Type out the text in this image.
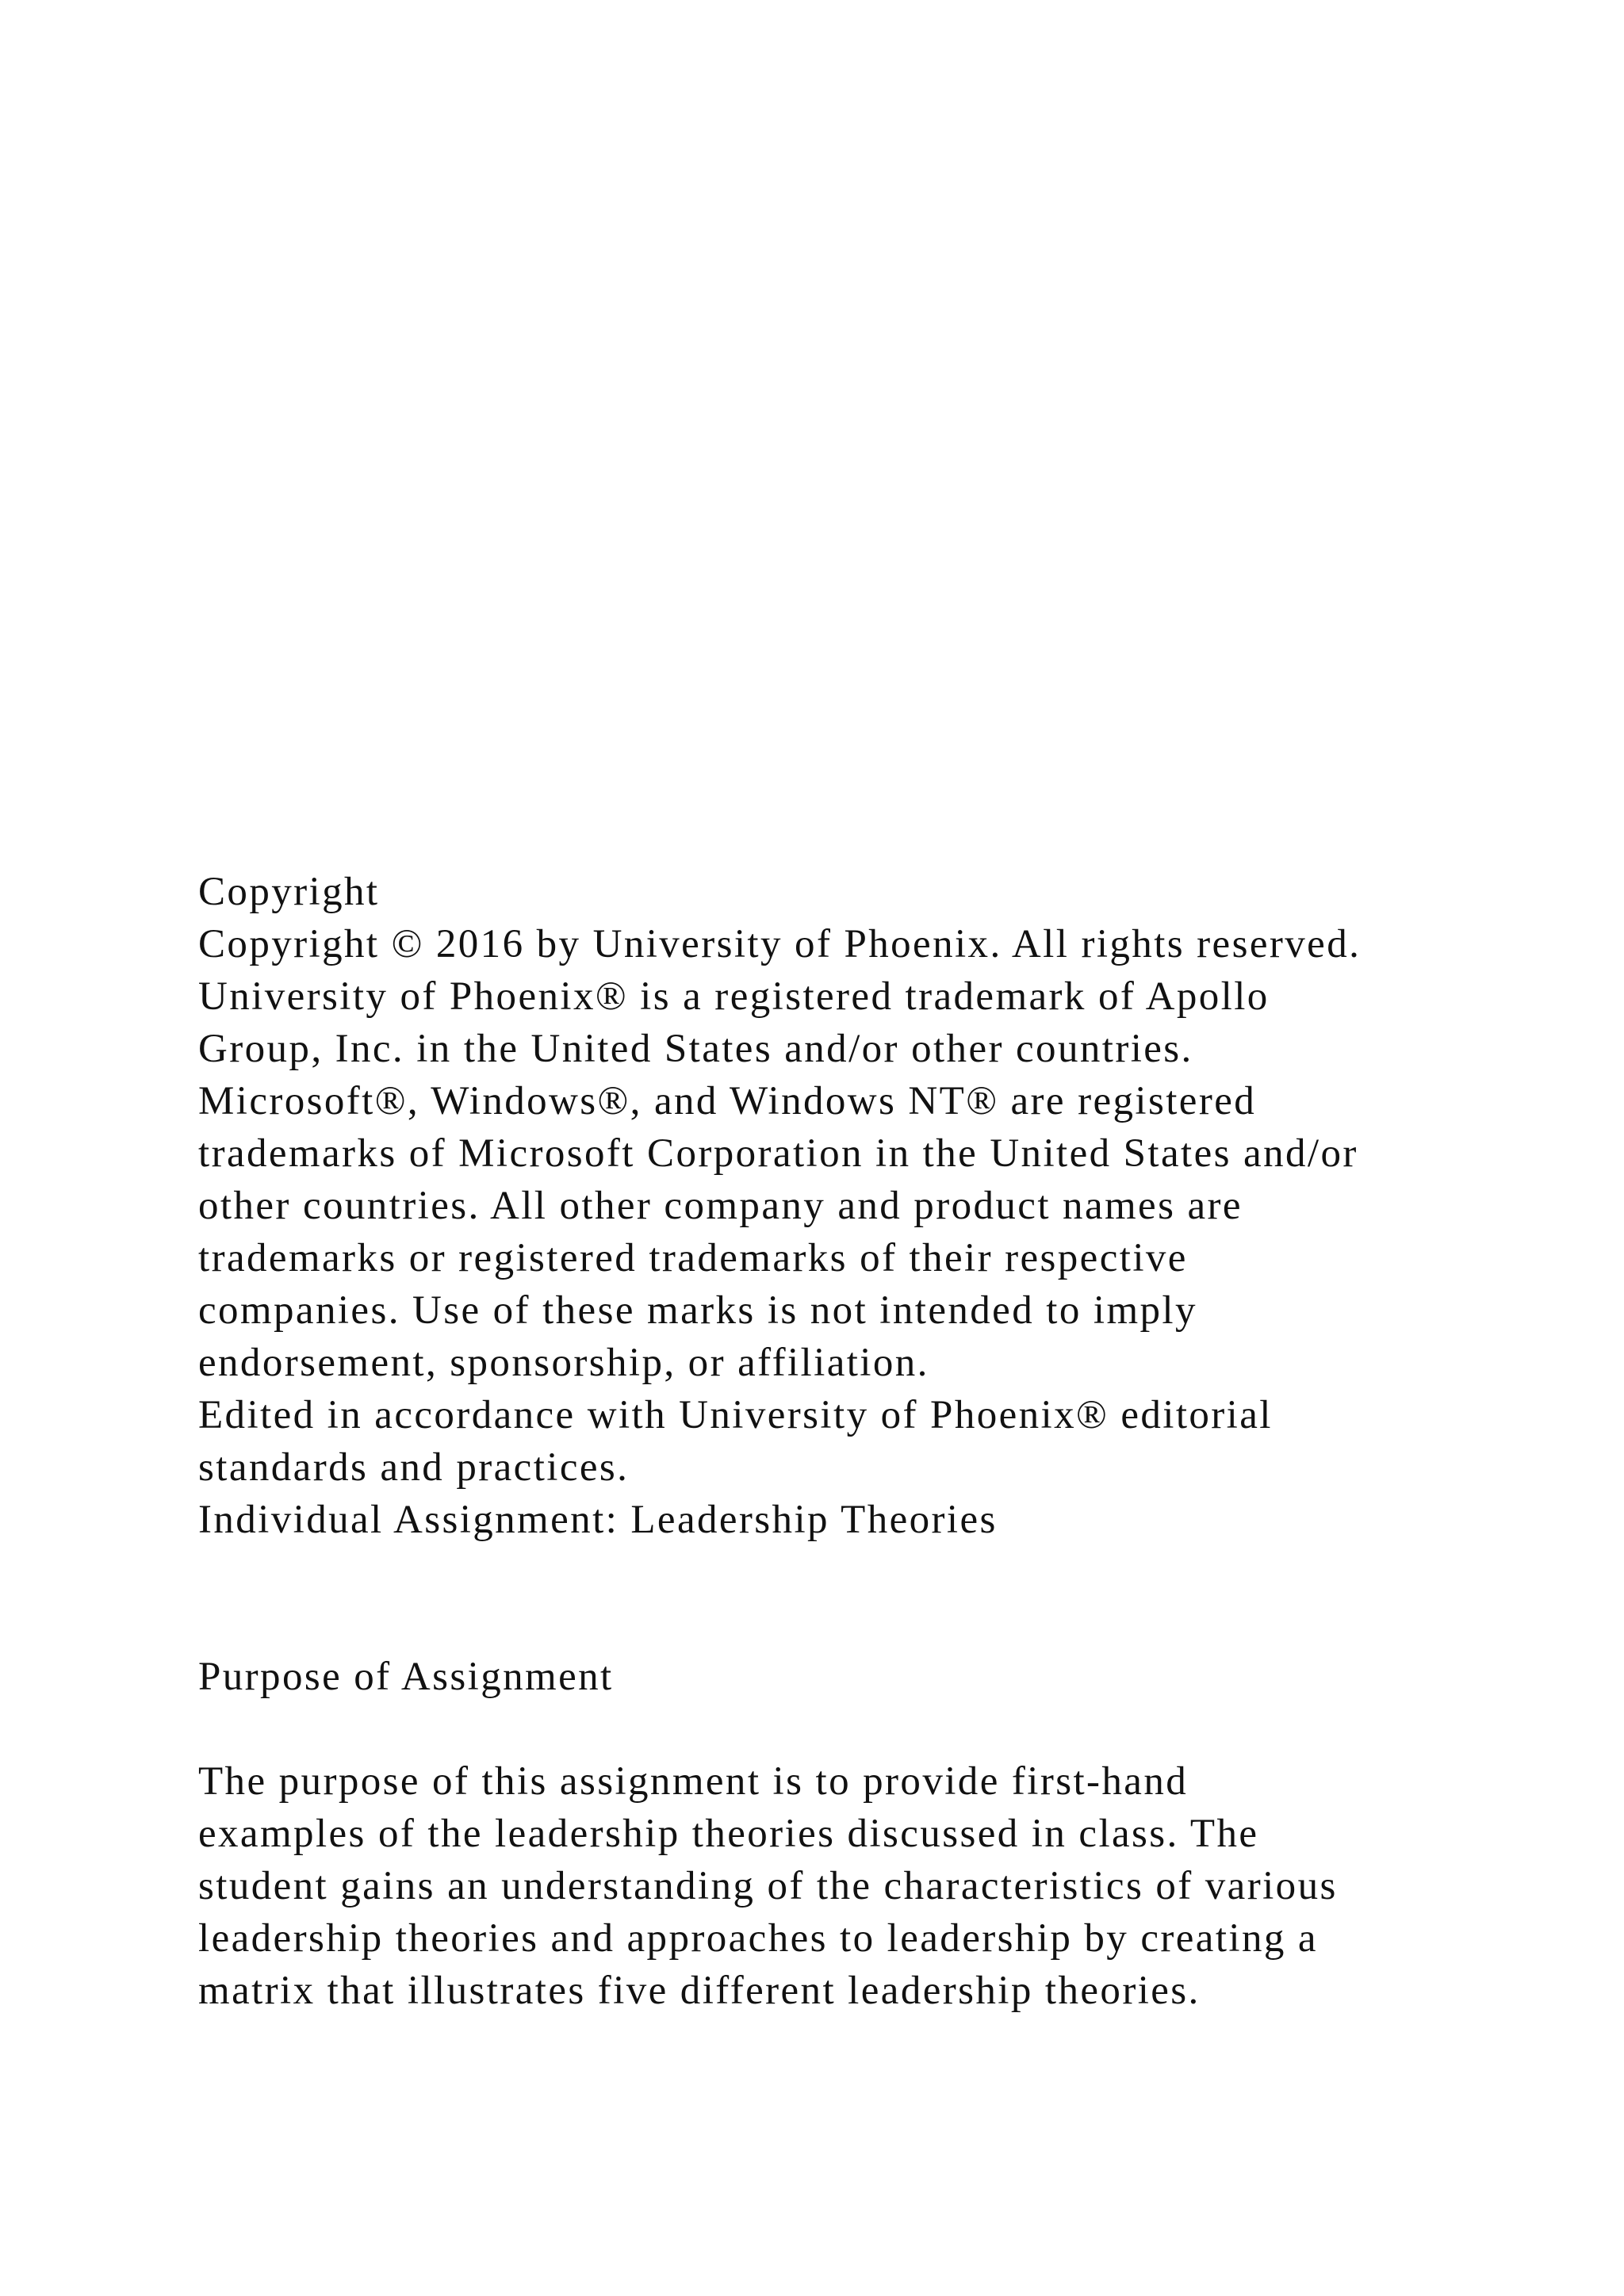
Copyright
Copyright © 2016 by University of Phoenix. All rights reserved.
University of Phoenix® is a registered trademark of Apollo
Group, Inc. in the United States and/or other countries.
Microsoft®, Windows®, and Windows NT® are registered
trademarks of Microsoft Corporation in the United States and/or
other countries. All other company and product names are
trademarks or registered trademarks of their respective
companies. Use of these marks is not intended to imply
endorsement, sponsorship, or affiliation.
Edited in accordance with University of Phoenix® editorial
standards and practices.
Individual Assignment: Leadership Theories
Purpose of Assignment
The purpose of this assignment is to provide first-hand
examples of the leadership theories discussed in class. The
student gains an understanding of the characteristics of various
leadership theories and approaches to leadership by creating a
matrix that illustrates five different leadership theories.
